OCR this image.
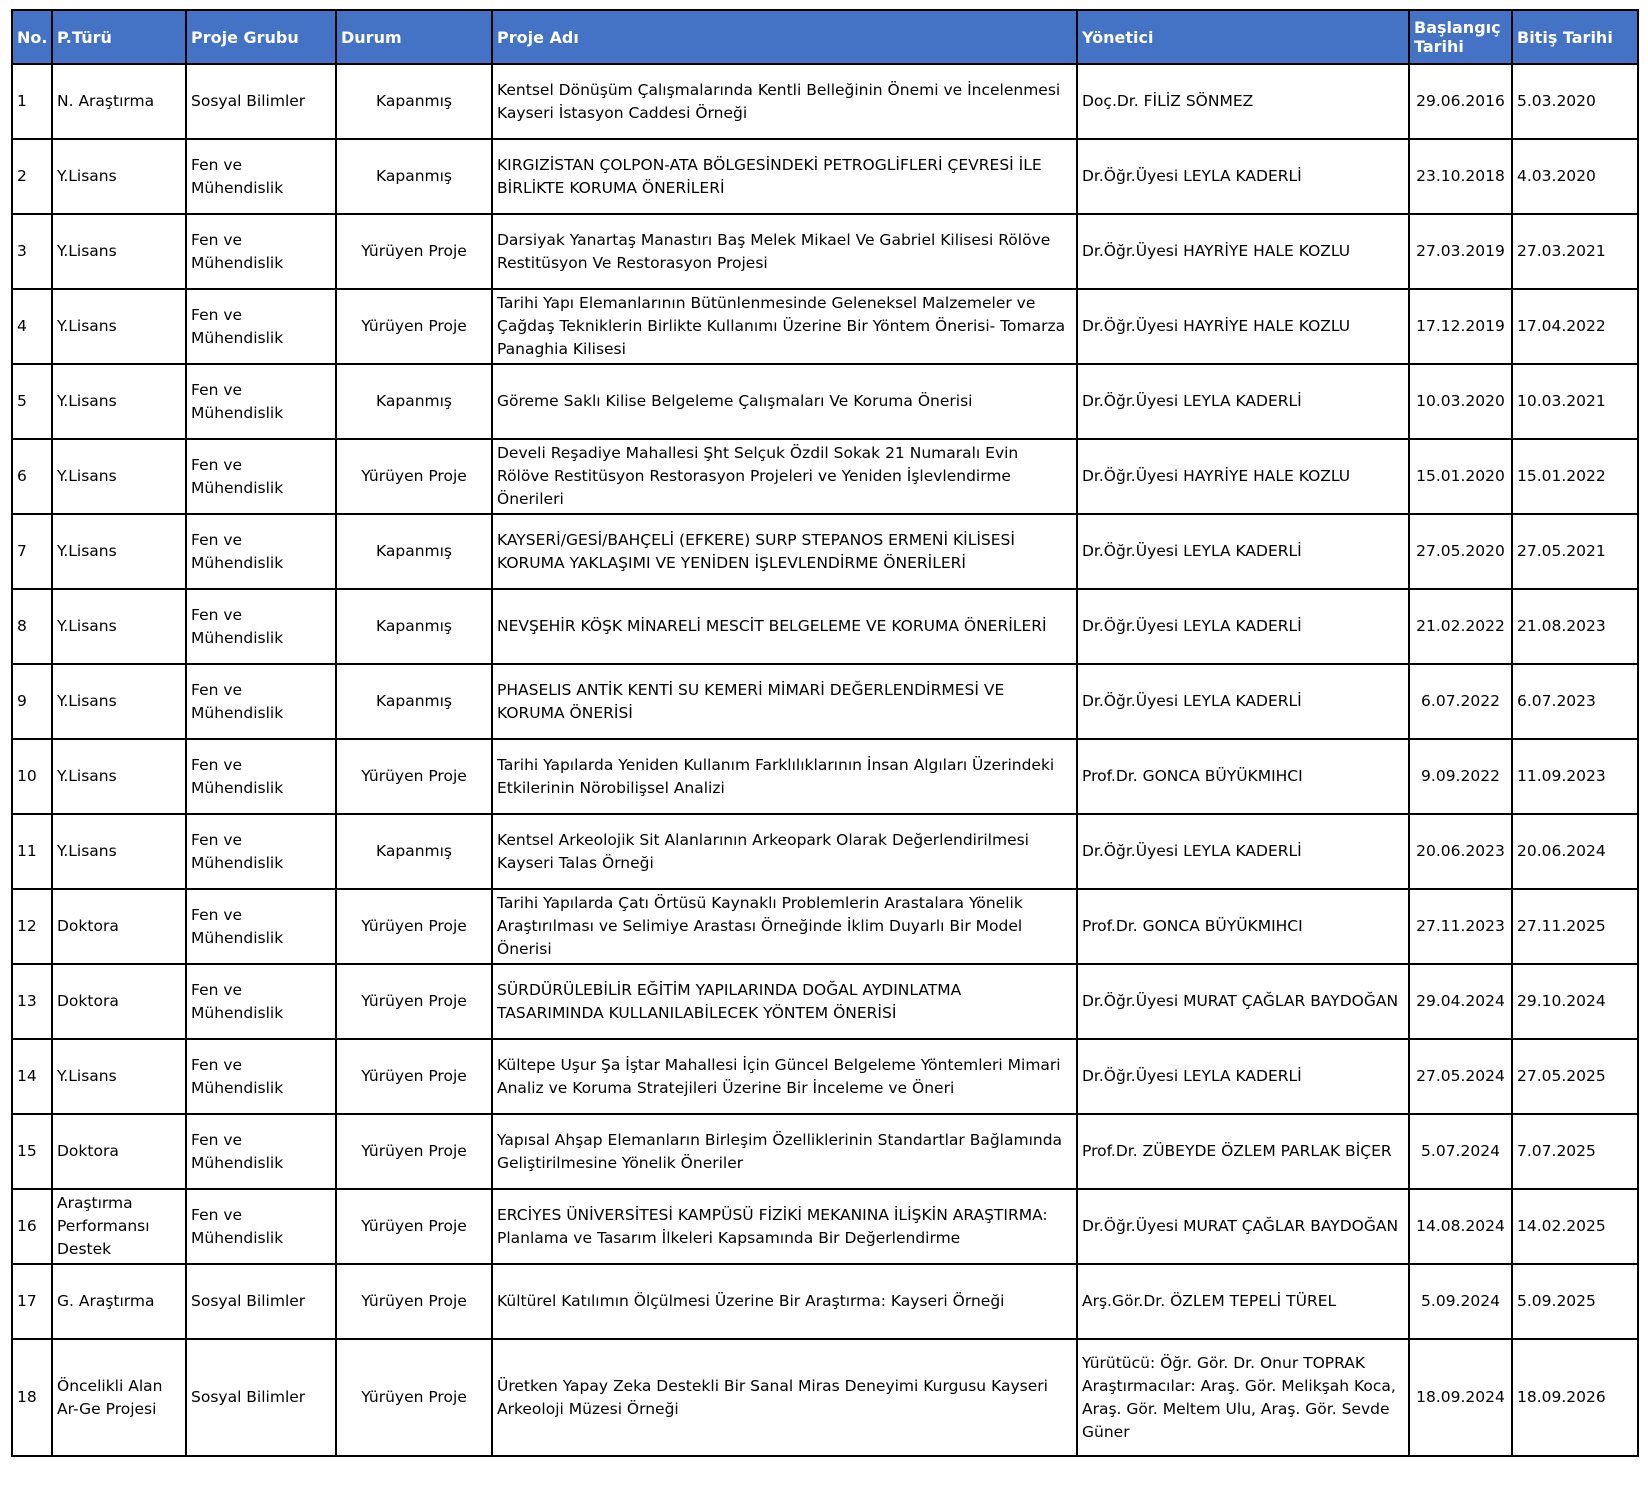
No.	P.Türü	Proje Grubu	Durum	Proje Adı	Yönetici	Başlangıç Tarihi	Bitiş Tarihi
1	N. Araştırma	Sosyal Bilimler	Kapanmış	Kentsel Dönüşüm Çalışmalarında Kentli Belleğinin Önemi ve İncelenmesi Kayseri İstasyon Caddesi Örneği	Doç.Dr. FİLİZ SÖNMEZ	29.06.2016	5.03.2020
2	Y.Lisans	Fen ve Mühendislik	Kapanmış	KIRGIZİSTAN ÇOLPON-ATA BÖLGESİNDEKİ PETROGLİFLERİ ÇEVRESİ İLE BİRLİKTE KORUMA ÖNERİLERİ	Dr.Öğr.Üyesi LEYLA KADERLİ	23.10.2018	4.03.2020
3	Y.Lisans	Fen ve Mühendislik	Yürüyen Proje	Darsiyak Yanartaş Manastırı Baş Melek Mikael Ve Gabriel Kilisesi Rölöve Restitüsyon Ve Restorasyon Projesi	Dr.Öğr.Üyesi HAYRİYE HALE KOZLU	27.03.2019	27.03.2021
4	Y.Lisans	Fen ve Mühendislik	Yürüyen Proje	Tarihi Yapı Elemanlarının Bütünlenmesinde Geleneksel Malzemeler ve Çağdaş Tekniklerin Birlikte Kullanımı Üzerine Bir Yöntem Önerisi- Tomarza Panaghia Kilisesi	Dr.Öğr.Üyesi HAYRİYE HALE KOZLU	17.12.2019	17.04.2022
5	Y.Lisans	Fen ve Mühendislik	Kapanmış	Göreme Saklı Kilise Belgeleme Çalışmaları Ve Koruma Önerisi	Dr.Öğr.Üyesi LEYLA KADERLİ	10.03.2020	10.03.2021
6	Y.Lisans	Fen ve Mühendislik	Yürüyen Proje	Develi Reşadiye Mahallesi Şht Selçuk Özdil Sokak 21 Numaralı Evin Rölöve Restitüsyon Restorasyon Projeleri ve Yeniden İşlevlendirme Önerileri	Dr.Öğr.Üyesi HAYRİYE HALE KOZLU	15.01.2020	15.01.2022
7	Y.Lisans	Fen ve Mühendislik	Kapanmış	KAYSERİ/GESİ/BAHÇELİ (EFKERE) SURP STEPANOS ERMENİ KİLİSESİ KORUMA YAKLAŞIMI VE YENİDEN İŞLEVLENDİRME ÖNERİLERİ	Dr.Öğr.Üyesi LEYLA KADERLİ	27.05.2020	27.05.2021
8	Y.Lisans	Fen ve Mühendislik	Kapanmış	NEVŞEHİR KÖŞK MİNARELİ MESCİT BELGELEME VE KORUMA ÖNERİLERİ	Dr.Öğr.Üyesi LEYLA KADERLİ	21.02.2022	21.08.2023
9	Y.Lisans	Fen ve Mühendislik	Kapanmış	PHASELIS ANTİK KENTİ SU KEMERİ MİMARİ DEĞERLENDİRMESİ VE KORUMA ÖNERİSİ	Dr.Öğr.Üyesi LEYLA KADERLİ	6.07.2022	6.07.2023
10	Y.Lisans	Fen ve Mühendislik	Yürüyen Proje	Tarihi Yapılarda Yeniden Kullanım Farklılıklarının İnsan Algıları Üzerindeki Etkilerinin Nörobilişsel Analizi	Prof.Dr. GONCA BÜYÜKMIHCI	9.09.2022	11.09.2023
11	Y.Lisans	Fen ve Mühendislik	Kapanmış	Kentsel Arkeolojik Sit Alanlarının Arkeopark Olarak Değerlendirilmesi Kayseri Talas Örneği	Dr.Öğr.Üyesi LEYLA KADERLİ	20.06.2023	20.06.2024
12	Doktora	Fen ve Mühendislik	Yürüyen Proje	Tarihi Yapılarda Çatı Örtüsü Kaynaklı Problemlerin Arastalara Yönelik Araştırılması ve Selimiye Arastası Örneğinde İklim Duyarlı Bir Model Önerisi	Prof.Dr. GONCA BÜYÜKMIHCI	27.11.2023	27.11.2025
13	Doktora	Fen ve Mühendislik	Yürüyen Proje	SÜRDÜRÜLEBİLİR EĞİTİM YAPILARINDA DOĞAL AYDINLATMA TASARIMINDA KULLANILABİLECEK YÖNTEM ÖNERİSİ	Dr.Öğr.Üyesi MURAT ÇAĞLAR BAYDOĞAN	29.04.2024	29.10.2024
14	Y.Lisans	Fen ve Mühendislik	Yürüyen Proje	Kültepe Uşur Şa İştar Mahallesi İçin Güncel Belgeleme Yöntemleri Mimari Analiz ve Koruma Stratejileri Üzerine Bir İnceleme ve Öneri	Dr.Öğr.Üyesi LEYLA KADERLİ	27.05.2024	27.05.2025
15	Doktora	Fen ve Mühendislik	Yürüyen Proje	Yapısal Ahşap Elemanların Birleşim Özelliklerinin Standartlar Bağlamında Geliştirilmesine Yönelik Öneriler	Prof.Dr. ZÜBEYDE ÖZLEM PARLAK BİÇER	5.07.2024	7.07.2025
16	Araştırma Performansı Destek	Fen ve Mühendislik	Yürüyen Proje	ERCİYES ÜNİVERSİTESİ KAMPÜSÜ FİZİKİ MEKANINA İLİŞKİN ARAŞTIRMA: Planlama ve Tasarım İlkeleri Kapsamında Bir Değerlendirme	Dr.Öğr.Üyesi MURAT ÇAĞLAR BAYDOĞAN	14.08.2024	14.02.2025
17	G. Araştırma	Sosyal Bilimler	Yürüyen Proje	Kültürel Katılımın Ölçülmesi Üzerine Bir Araştırma: Kayseri Örneği	Arş.Gör.Dr. ÖZLEM TEPELİ TÜREL	5.09.2024	5.09.2025
18	Öncelikli Alan Ar-Ge Projesi	Sosyal Bilimler	Yürüyen Proje	Üretken Yapay Zeka Destekli Bir Sanal Miras Deneyimi Kurgusu Kayseri Arkeoloji Müzesi Örneği	Yürütücü: Öğr. Gör. Dr. Onur TOPRAK Araştırmacılar: Araş. Gör. Melikşah Koca, Araş. Gör. Meltem Ulu, Araş. Gör. Sevde Güner	18.09.2024	18.09.2026
